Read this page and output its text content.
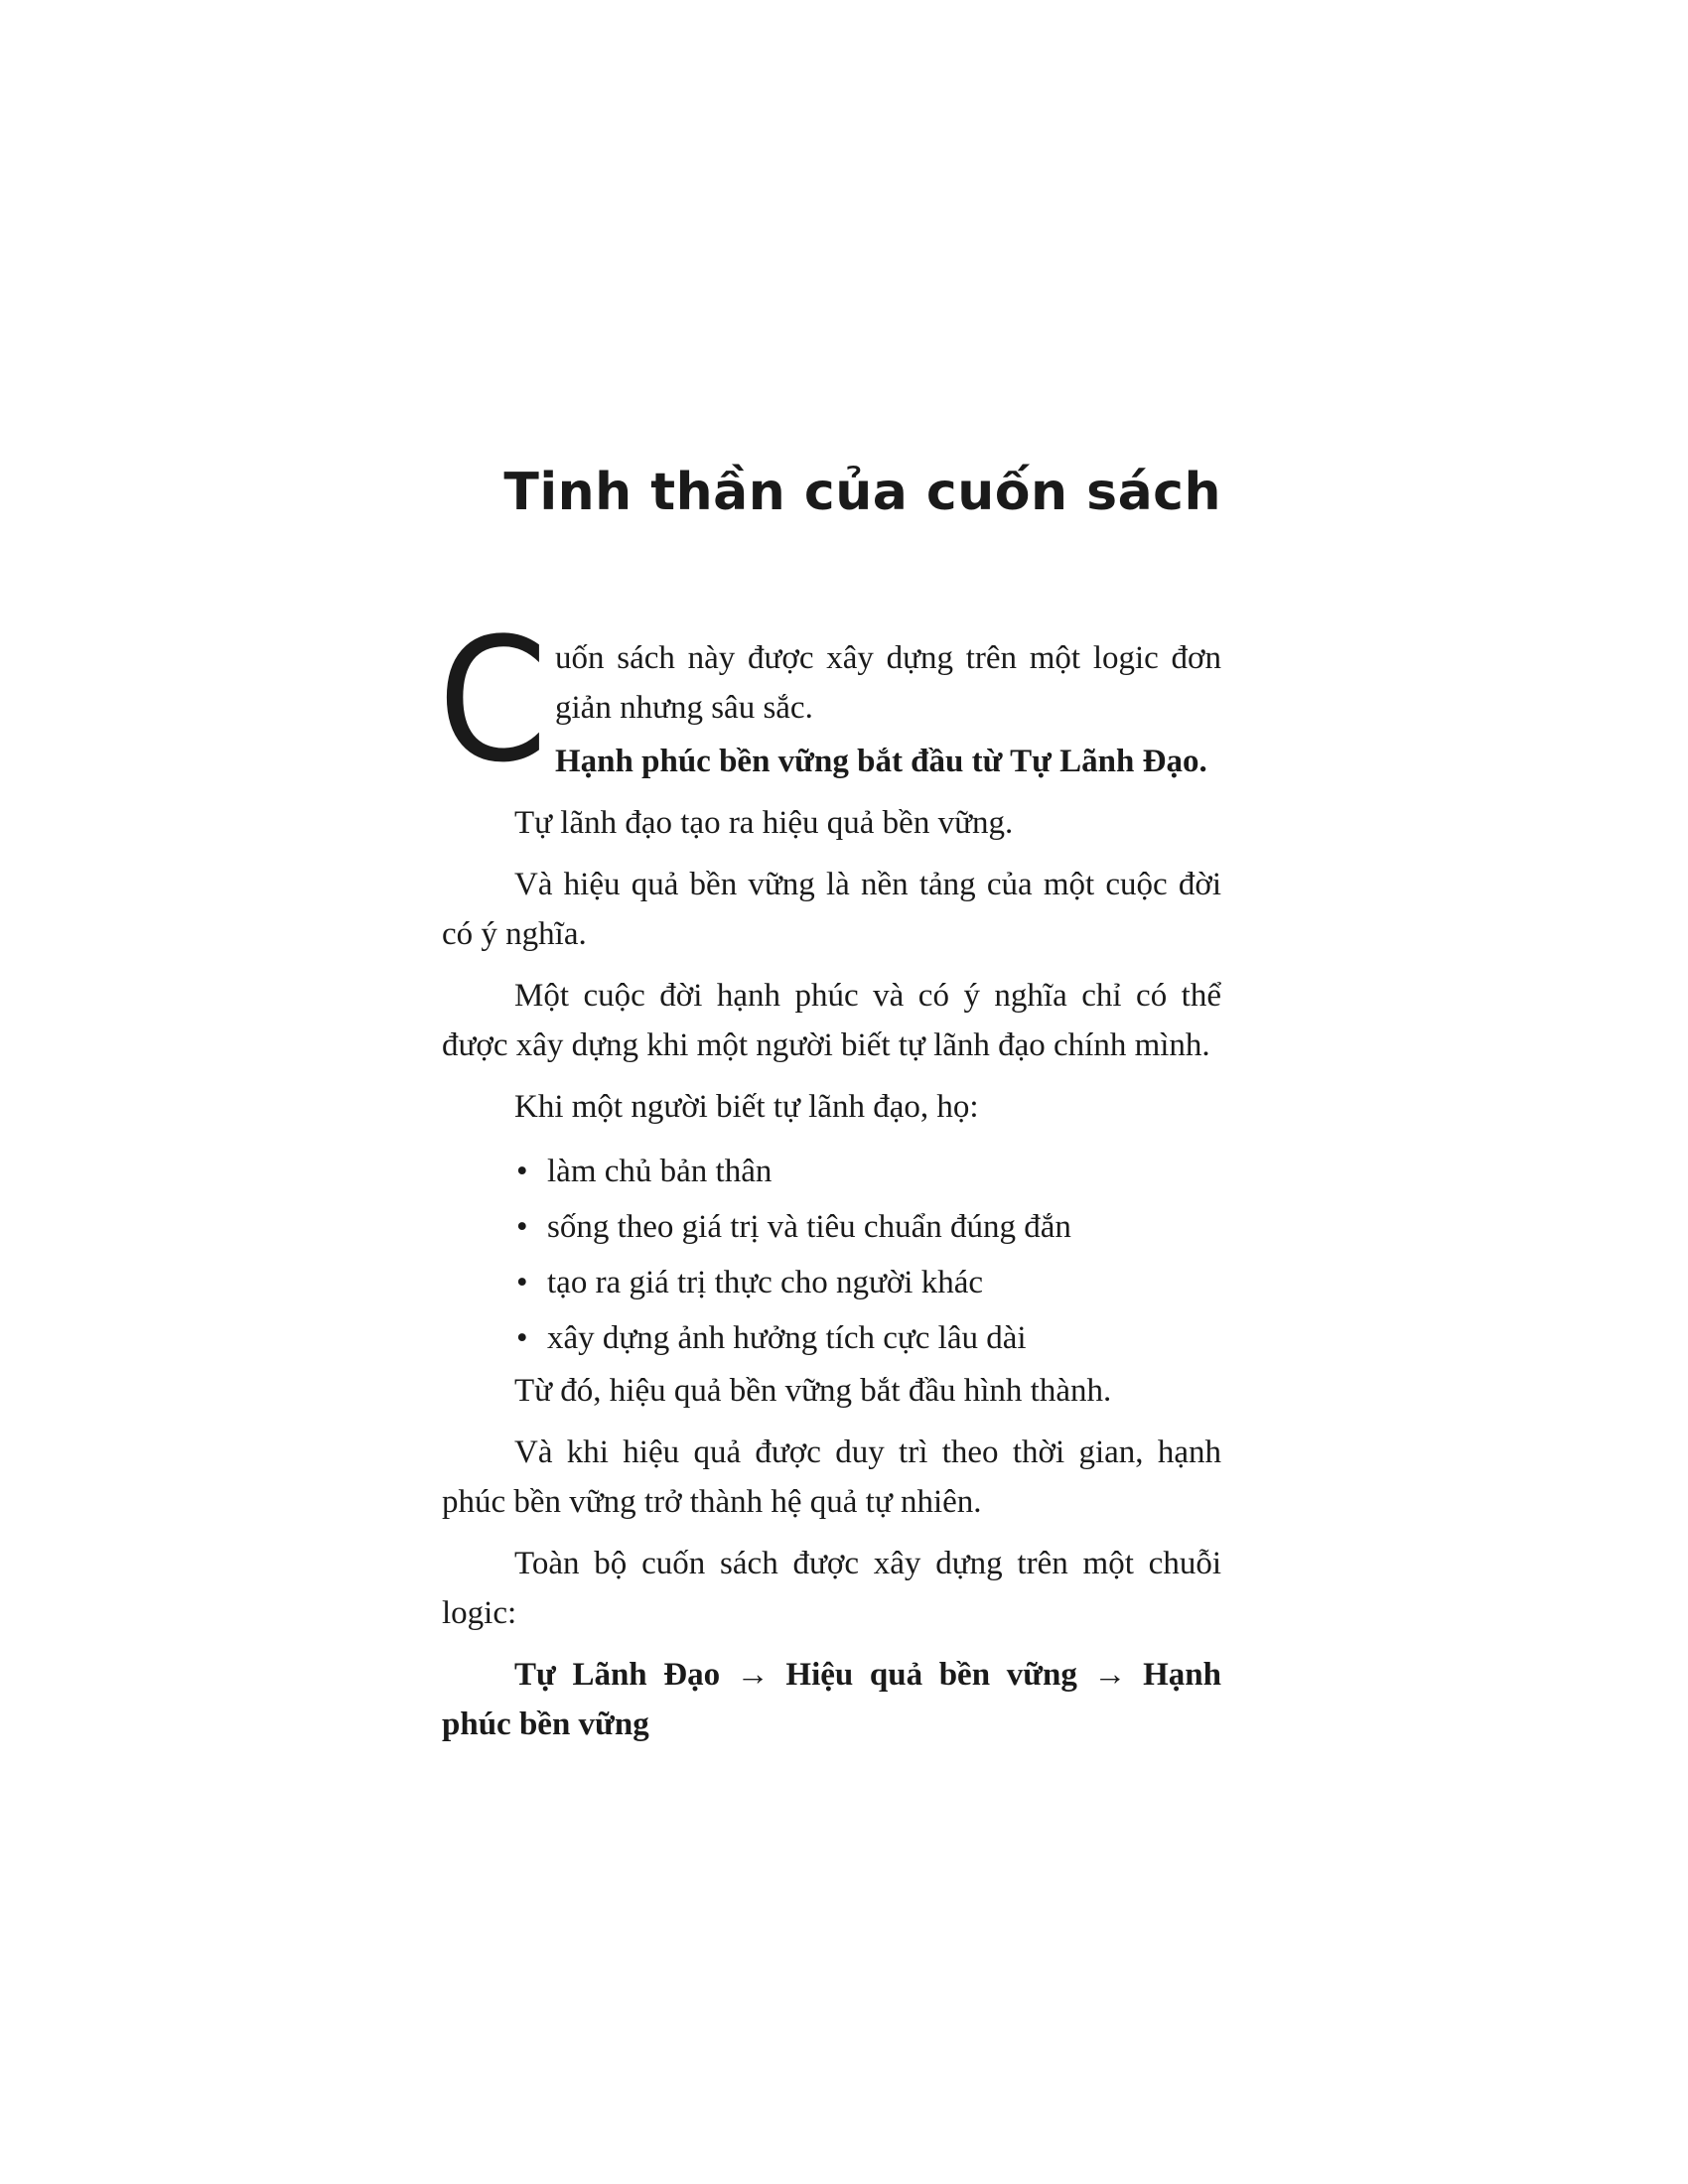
Tinh thần của cuốn sách
C uốn sách này được xây dựng trên một logic đơn
giản nhưng sâu sắc.

Hạnh phúc bền vững bắt đầu từ Tự Lãnh Đạo.

Tự lãnh đạo tạo ra hiệu quả bền vững.

Và hiệu quả bền vững là nền tảng của một cuộc đời có ý nghĩa.

Một cuộc đời hạnh phúc và có ý nghĩa chỉ có thể được xây dựng khi một người biết tự lãnh đạo chính mình.

Khi một người biết tự lãnh đạo, họ:

• làm chủ bản thân
• sống theo giá trị và tiêu chuẩn đúng đắn
• tạo ra giá trị thực cho người khác
• xây dựng ảnh hưởng tích cực lâu dài

Từ đó, hiệu quả bền vững bắt đầu hình thành.

Và khi hiệu quả được duy trì theo thời gian, hạnh phúc bền vững trở thành hệ quả tự nhiên.

Toàn bộ cuốn sách được xây dựng trên một chuỗi logic:

Tự Lãnh Đạo → Hiệu quả bền vững → Hạnh phúc bền vững
